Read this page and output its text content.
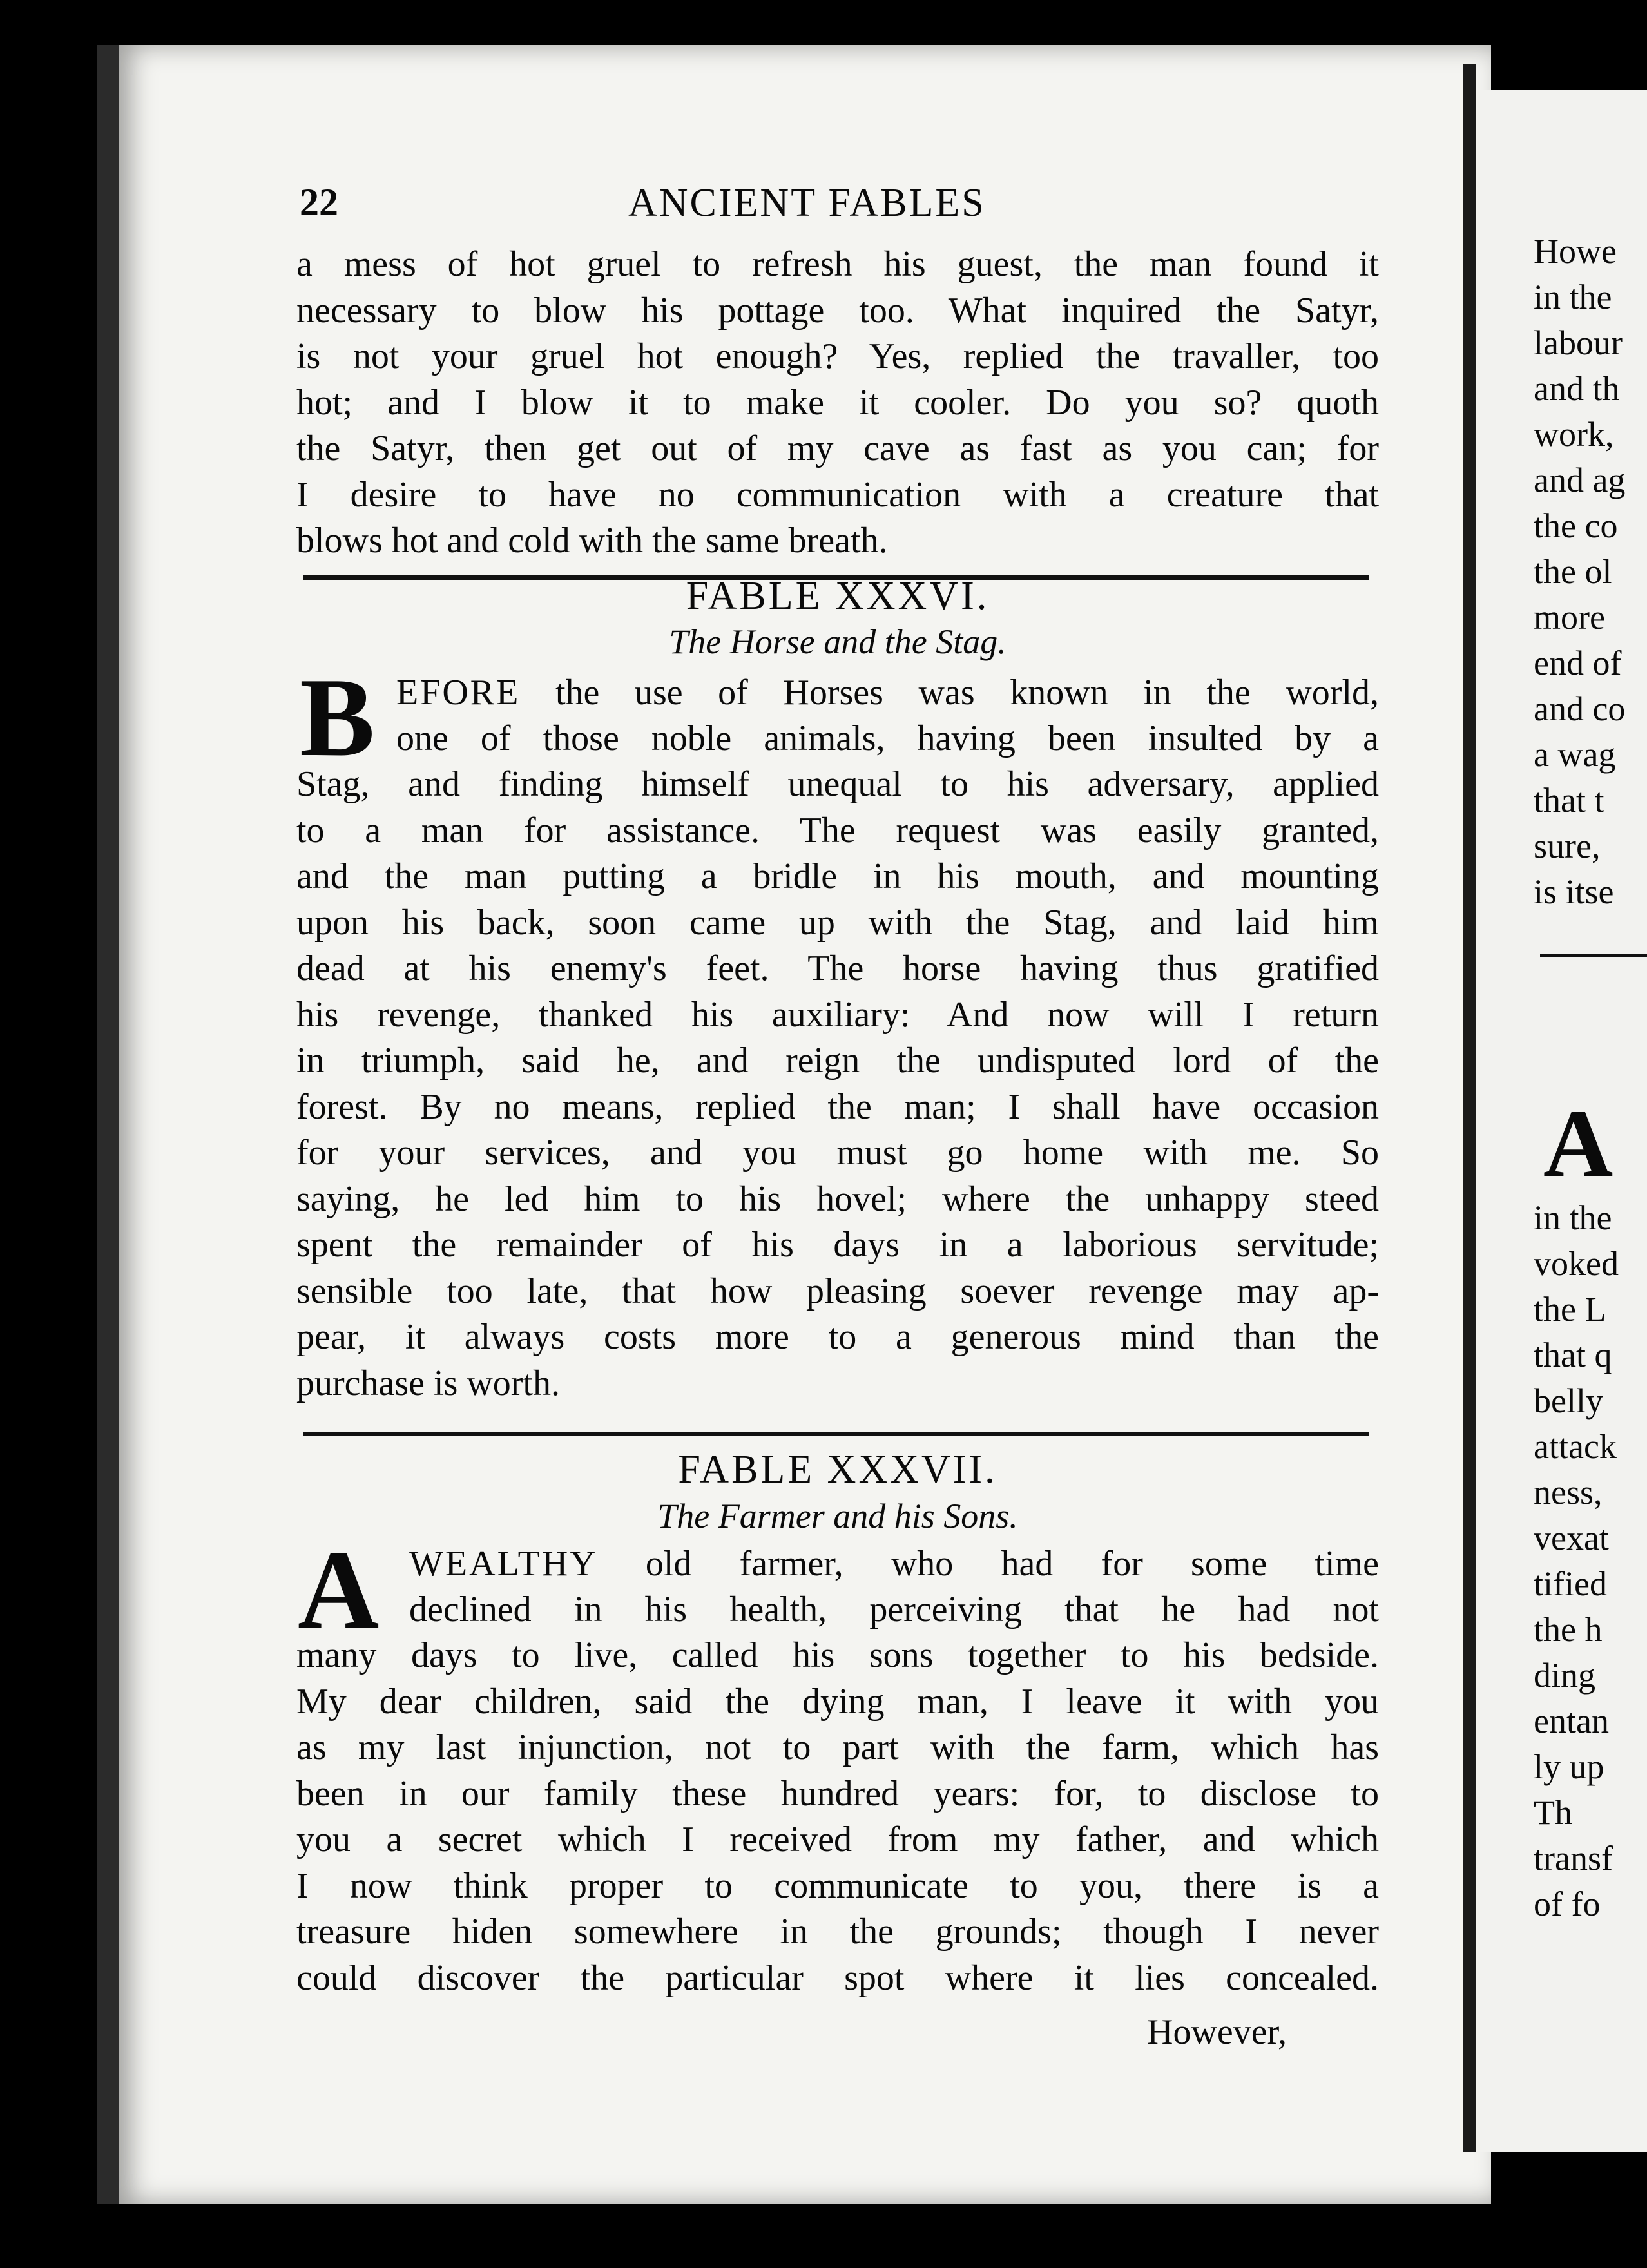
22	ANCIENT FABLES
a mess of hot gruel to refresh his guest, the man found it
necessary to blow his pottage too. What inquired the Satyr,
is not your gruel hot enough? Yes, replied the travaller, too
hot; and I blow it to make it cooler. Do you so? quoth
the Satyr, then get out of my cave as fast as you can; for
I desire to have no communication with a creature that
blows hot and cold with the same breath.
FABLE XXXVI.
The Horse and the Stag.
B EFORE the use of Horses was known in the world,
one of those noble animals, having been insulted by a
Stag, and finding himself unequal to his adversary, applied
to a man for assistance. The request was easily granted,
and the man putting a bridle in his mouth, and mounting
upon his back, soon came up with the Stag, and laid him
dead at his enemy's feet. The horse having thus gratified
his revenge, thanked his auxiliary: And now will I return
in triumph, said he, and reign the undisputed lord of the
forest. By no means, replied the man; I shall have occasion
for your services, and you must go home with me. So
saying, he led him to his hovel; where the unhappy steed
spent the remainder of his days in a laborious servitude;
sensible too late, that how pleasing soever revenge may ap-
pear, it always costs more to a generous mind than the
purchase is worth.
FABLE XXXVII.
The Farmer and his Sons.
A WEALTHY old farmer, who had for some time
declined in his health, perceiving that he had not
many days to live, called his sons together to his bedside.
My dear children, said the dying man, I leave it with you
as my last injunction, not to part with the farm, which has
been in our family these hundred years: for, to disclose to
you a secret which I received from my father, and which
I now think proper to communicate to you, there is a
treasure hiden somewhere in the grounds; though I never
could discover the particular spot where it lies concealed.
However,
Howe
in the
labour
and th
work,
and ag
the co
the ol
more
end of
and co
a wag
that t
sure,
is itse
A
in the
voked
the L
that q
belly
attack
ness,
vexat
tified
the h
ding
entan
ly up
Th
transf
of fo
